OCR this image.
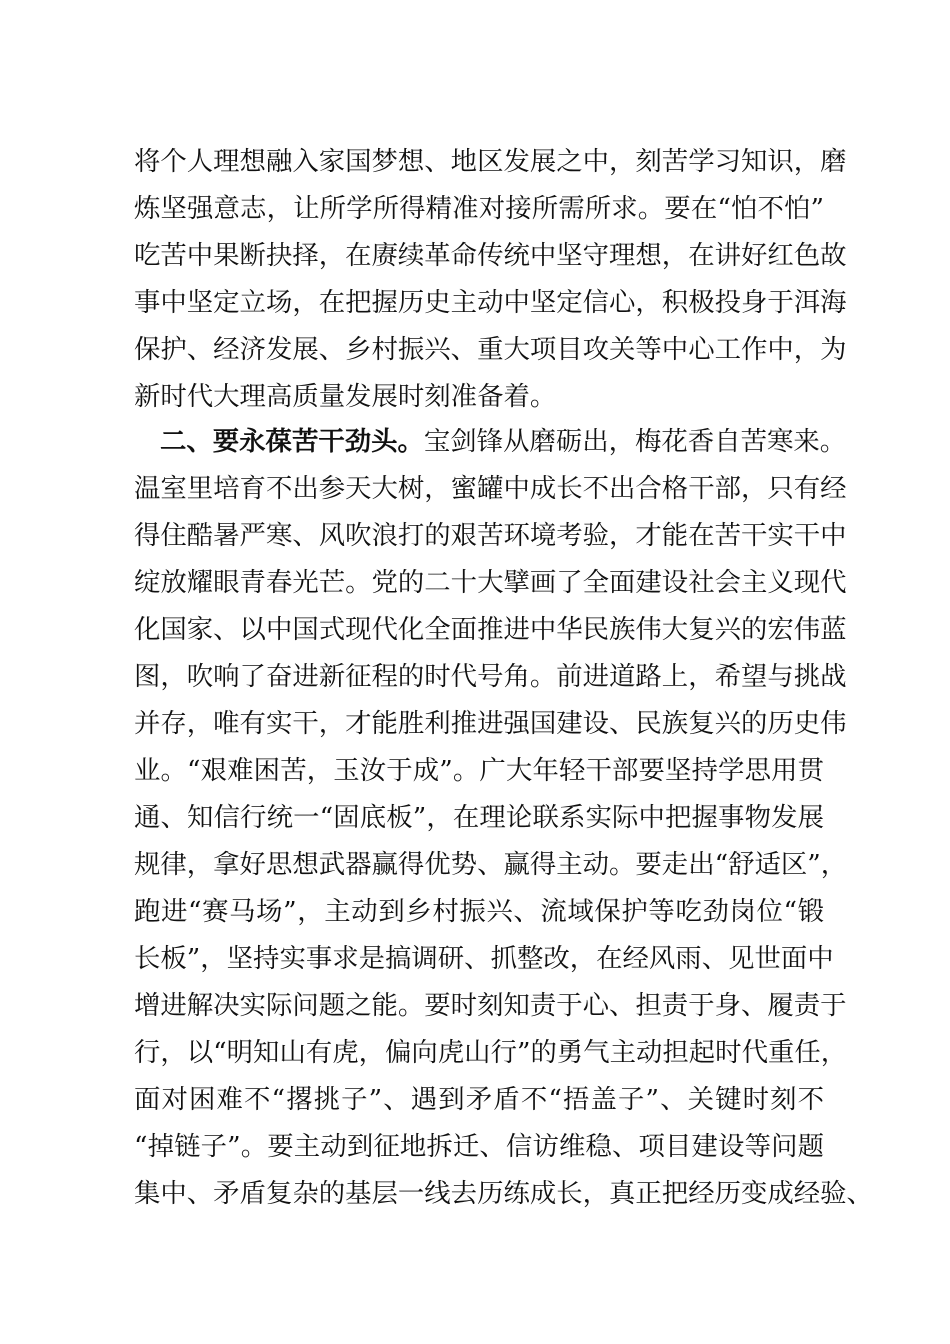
将个人理想融入家国梦想、地区发展之中，刻苦学习知识，磨
炼坚强意志，让所学所得精准对接所需所求。要在“怕不怕”
吃苦中果断抉择，在赓续革命传统中坚守理想，在讲好红色故
事中坚定立场，在把握历史主动中坚定信心，积极投身于洱海
保护、经济发展、乡村振兴、重大项目攻关等中心工作中，为
新时代大理高质量发展时刻准备着。
二、要永葆苦干劲头。宝剑锋从磨砺出，梅花香自苦寒来。
温室里培育不出参天大树，蜜罐中成长不出合格干部，只有经
得住酷暑严寒、风吹浪打的艰苦环境考验，才能在苦干实干中
绽放耀眼青春光芒。党的二十大擘画了全面建设社会主义现代
化国家、以中国式现代化全面推进中华民族伟大复兴的宏伟蓝
图，吹响了奋进新征程的时代号角。前进道路上，希望与挑战
并存，唯有实干，才能胜利推进强国建设、民族复兴的历史伟
业。“艰难困苦，玉汝于成”。广大年轻干部要坚持学思用贯
通、知信行统一“固底板”，在理论联系实际中把握事物发展
规律，拿好思想武器赢得优势、赢得主动。要走出“舒适区”，
跑进“赛马场”，主动到乡村振兴、流域保护等吃劲岗位“锻
长板”，坚持实事求是搞调研、抓整改，在经风雨、见世面中
增进解决实际问题之能。要时刻知责于心、担责于身、履责于
行，以“明知山有虎，偏向虎山行”的勇气主动担起时代重任，
面对困难不“撂挑子”、遇到矛盾不“捂盖子”、关键时刻不
“掉链子”。要主动到征地拆迁、信访维稳、项目建设等问题
集中、矛盾复杂的基层一线去历练成长，真正把经历变成经验、
